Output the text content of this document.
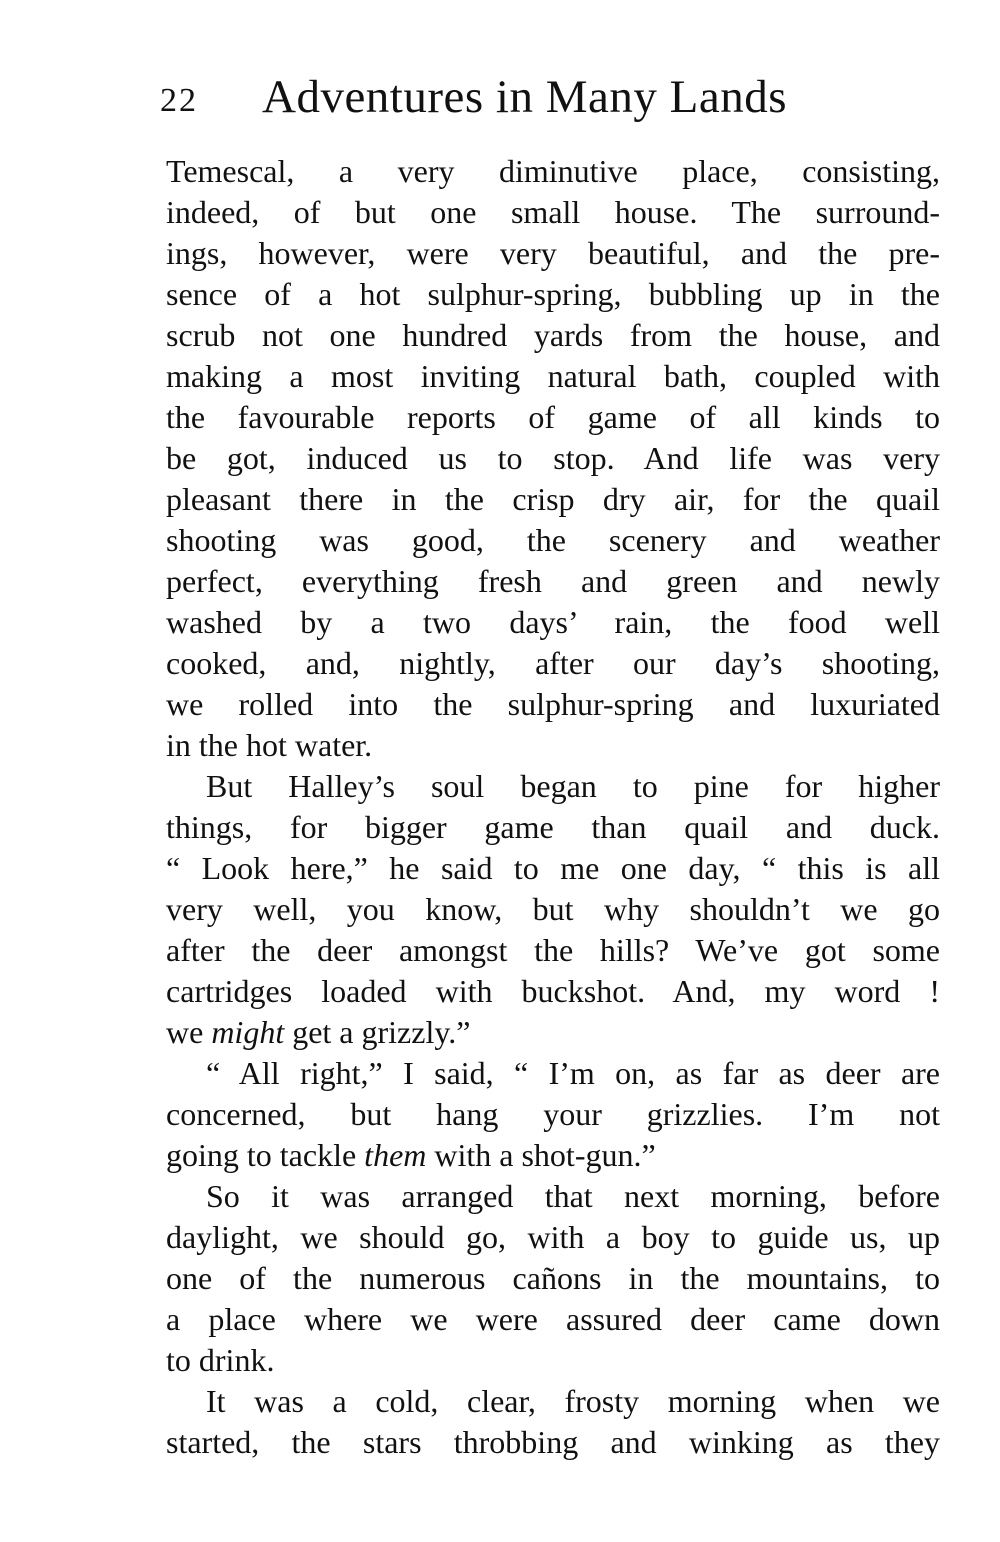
22 Adventures in Many Lands
Temescal, a very diminutive place, consisting,
indeed, of but one small house. The surround-
ings, however, were very beautiful, and the pre-
sence of a hot sulphur-spring, bubbling up in the
scrub not one hundred yards from the house, and
making a most inviting natural bath, coupled with
the favourable reports of game of all kinds to
be got, induced us to stop. And life was very
pleasant there in the crisp dry air, for the quail
shooting was good, the scenery and weather
perfect, everything fresh and green and newly
washed by a two days’ rain, the food well
cooked, and, nightly, after our day’s shooting,
we rolled into the sulphur-spring and luxuriated
in the hot water.
But Halley’s soul began to pine for higher
things, for bigger game than quail and duck.
“ Look here,” he said to me one day, “ this is all
very well, you know, but why shouldn’t we go
after the deer amongst the hills? We’ve got some
cartridges loaded with buckshot. And, my word !
we might get a grizzly.”
“ All right,” I said, “ I’m on, as far as deer are
concerned, but hang your grizzlies. I’m not
going to tackle them with a shot-gun.”
So it was arranged that next morning, before
daylight, we should go, with a boy to guide us, up
one of the numerous cañons in the mountains, to
a place where we were assured deer came down
to drink.
It was a cold, clear, frosty morning when we
started, the stars throbbing and winking as they
